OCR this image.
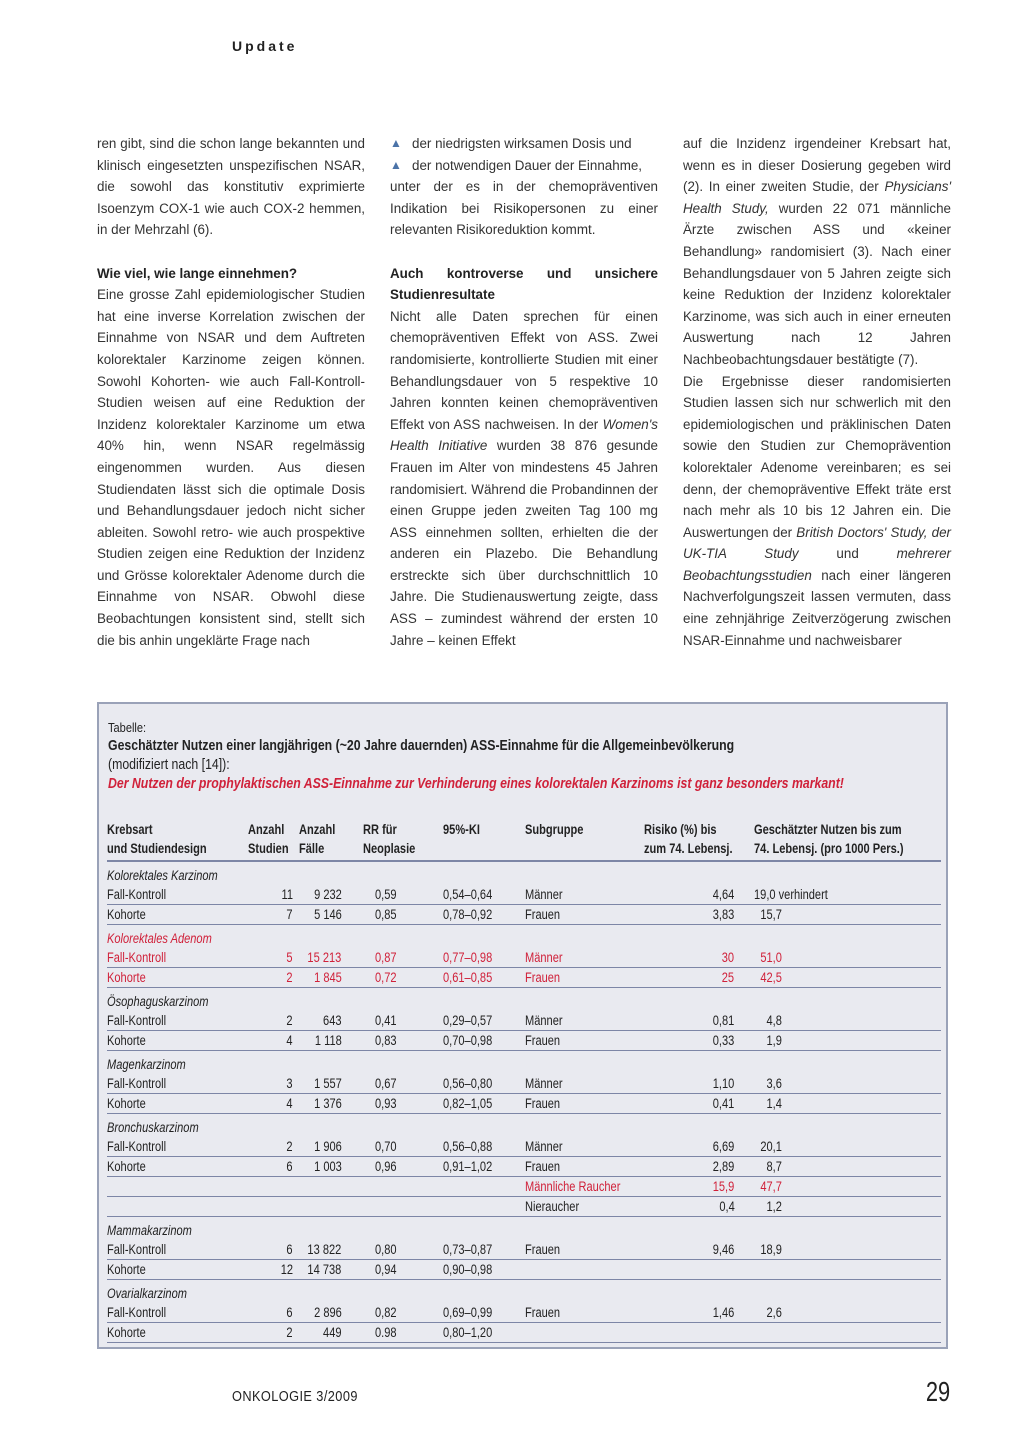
Update

ren gibt, sind die schon lange bekannten und klinisch eingesetzten unspezifischen NSAR, die sowohl das konstitutiv exprimierte Isoenzym COX-1 wie auch COX-2 hemmen, in der Mehrzahl (6).

Wie viel, wie lange einnehmen?

Eine grosse Zahl epidemiologischer Studien hat eine inverse Korrelation zwischen der Einnahme von NSAR und dem Auftreten kolorektaler Karzinome zeigen können. Sowohl Kohorten- wie auch Fall-Kontroll-Studien weisen auf eine Reduktion der Inzidenz kolorektaler Karzinome um etwa 40% hin, wenn NSAR regelmässig eingenommen wurden. Aus diesen Studiendaten lässt sich die optimale Dosis und Behandlungsdauer jedoch nicht sicher ableiten. Sowohl retro- wie auch prospektive Studien zeigen eine Reduktion der Inzidenz und Grösse kolorektaler Adenome durch die Einnahme von NSAR. Obwohl diese Beobachtungen konsistent sind, stellt sich die bis anhin ungeklärte Frage nach

▲ der niedrigsten wirksamen Dosis und
▲ der notwendigen Dauer der Einnahme,

unter der es in der chemopräventiven Indikation bei Risikopersonen zu einer relevanten Risikoreduktion kommt.

Auch kontroverse und unsichere Studienresultate

Nicht alle Daten sprechen für einen chemopräventiven Effekt von ASS. Zwei randomisierte, kontrollierte Studien mit einer Behandlungsdauer von 5 respektive 10 Jahren konnten keinen chemopräventiven Effekt von ASS nachweisen. In der Women's Health Initiative wurden 38 876 gesunde Frauen im Alter von mindestens 45 Jahren randomisiert. Während die Probandinnen der einen Gruppe jeden zweiten Tag 100 mg ASS einnehmen sollten, erhielten die der anderen ein Plazebo. Die Behandlung erstreckte sich über durchschnittlich 10 Jahre. Die Studienauswertung zeigte, dass ASS – zumindest während der ersten 10 Jahre – keinen Effekt

auf die Inzidenz irgendeiner Krebsart hat, wenn es in dieser Dosierung gegeben wird (2). In einer zweiten Studie, der Physicians' Health Study, wurden 22 071 männliche Ärzte zwischen ASS und «keiner Behandlung» randomisiert (3). Nach einer Behandlungsdauer von 5 Jahren zeigte sich keine Reduktion der Inzidenz kolorektaler Karzinome, was sich auch in einer erneuten Auswertung nach 12 Jahren Nachbeobachtungsdauer bestätigte (7).

Die Ergebnisse dieser randomisierten Studien lassen sich nur schwerlich mit den epidemiologischen und präklinischen Daten sowie den Studien zur Chemoprävention kolorektaler Adenome vereinbaren; es sei denn, der chemopräventive Effekt träte erst nach mehr als 10 bis 12 Jahren ein. Die Auswertungen der British Doctors' Study, der UK-TIA Study	und	mehrerer Beobachtungsstudien nach einer längeren Nachverfolgungszeit lassen vermuten, dass eine zehnjährige Zeitverzögerung zwischen NSAR-Einnahme und nachweisbarer

Tabelle:
Geschätzter Nutzen einer langjährigen (~20 Jahre dauernden) ASS-Einnahme für die Allgemeinbevölkerung
(modifiziert nach [14]):
Der Nutzen der prophylaktischen ASS-Einnahme zur Verhinderung eines kolorektalen Karzinoms ist ganz besonders markant!
Krebsart	Anzahl	Anzahl	RR für	95%-KI	Subgruppe	Risiko (%) bis	Geschätzter Nutzen bis zum
und Studiendesign	Studien	Fälle	Neoplasie			zum 74. Lebensj.	74. Lebensj. (pro 1000 Pers.)
Kolorektales Karzinom							
Fall-Kontroll	11	9 232	0,59	0,54–0,64	Männer	4,64	19,0 verhindert
Kohorte	7	5 146	0,85	0,78–0,92	Frauen	3,83	15,7
Kolorektales Adenom							
Fall-Kontroll	5	15 213	0,87	0,77–0,98	Männer	30	51,0
Kohorte	2	1 845	0,72	0,61–0,85	Frauen	25	42,5
Ösophaguskarzinom							
Fall-Kontroll	2	643	0,41	0,29–0,57	Männer	0,81	4,8
Kohorte	4	1 118	0,83	0,70–0,98	Frauen	0,33	1,9
Magenkarzinom							
Fall-Kontroll	3	1 557	0,67	0,56–0,80	Männer	1,10	3,6
Kohorte	4	1 376	0,93	0,82–1,05	Frauen	0,41	1,4
Bronchuskarzinom							
Fall-Kontroll	2	1 906	0,70	0,56–0,88	Männer	6,69	20,1
Kohorte	6	1 003	0,96	0,91–1,02	Frauen	2,89	8,7
					Männliche Raucher	15,9	47,7
					Nieraucher	0,4	1,2
Mammakarzinom							
Fall-Kontroll	6	13 822	0,80	0,73–0,87	Frauen	9,46	18,9
Kohorte	12	14 738	0,94	0,90–0,98			
Ovarialkarzinom							
Fall-Kontroll	6	2 896	0,82	0,69–0,99	Frauen	1,46	2,6
Kohorte	2	449	0.98	0,80–1,20			
ONKOLOGIE 3/2009	29
